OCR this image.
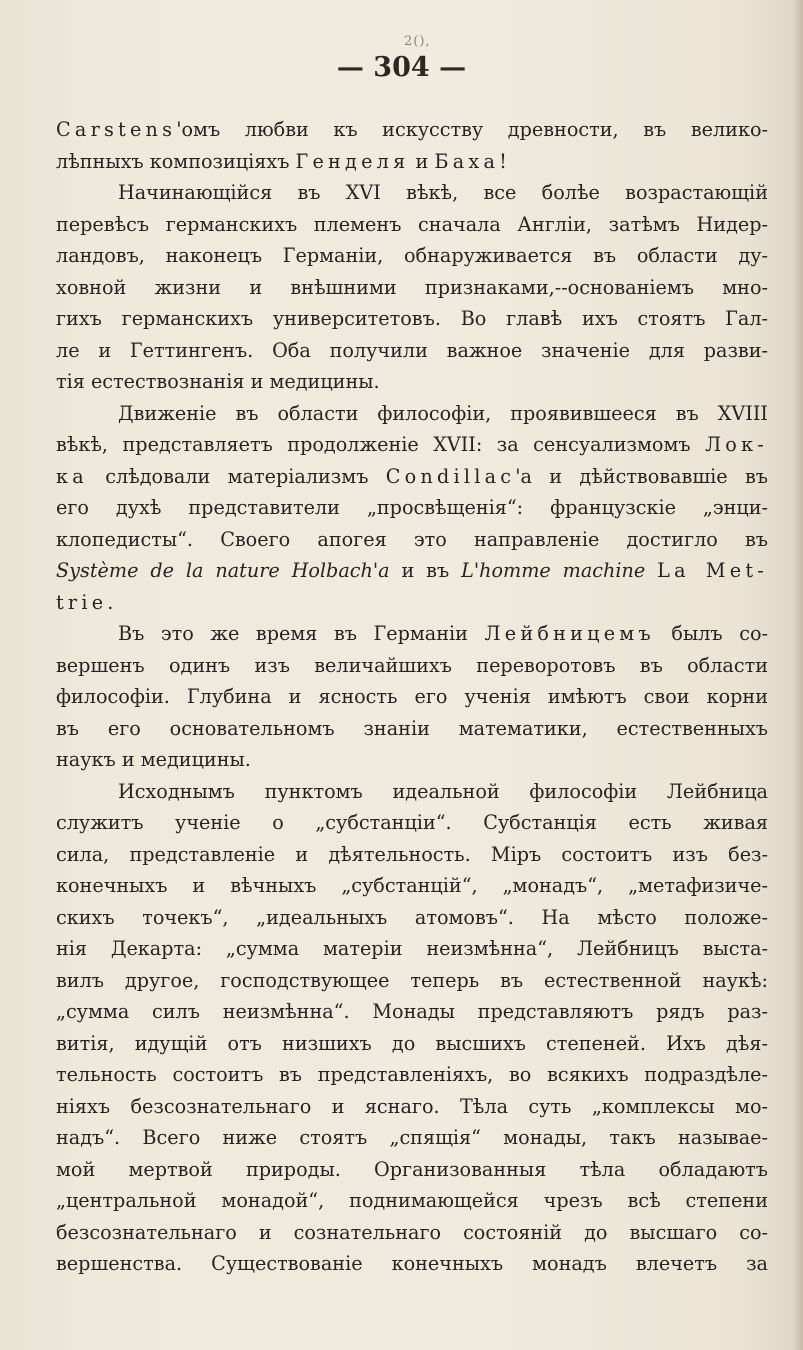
2(),
— 304 —
Carstens'омъ любви къ искусству древности, въ велико-
лѣпныхъ композиціяхъ Генделя и Баха!
Начинающійся въ XVI вѣкѣ, все болѣе возрастающій
перевѣсъ германскихъ племенъ сначала Англіи, затѣмъ Нидер-
ландовъ, наконецъ Германіи, обнаруживается въ области ду-
ховной жизни и внѣшними признаками,--основаніемъ мно-
гихъ германскихъ университетовъ. Во главѣ ихъ стоятъ Гал-
ле и Геттингенъ. Оба получили важное значеніе для разви-
тія естествознанія и медицины.
Движеніе въ области философіи, проявившееся въ XVIII
вѣкѣ, представляетъ продолженіе XVII: за сенсуализмомъ Лок-
ка слѣдовали матеріализмъ Condillac'а и дѣйствовавшіе въ
его духѣ представители „просвѣщенія“: французскіе „энци-
клопедисты“. Своего апогея это направленіе достигло въ
Système de la nature Holbach'а и въ L'homme machine La Met-
trie.
Въ это же время въ Германіи Лейбницемъ былъ со-
вершенъ одинъ изъ величайшихъ переворотовъ въ области
философіи. Глубина и ясность его ученія имѣютъ свои корни
въ его основательномъ знаніи математики, естественныхъ
наукъ и медицины.
Исходнымъ пунктомъ идеальной философіи Лейбница
служитъ ученіе о „субстанціи“. Субстанція есть живая
сила, представленіе и дѣятельность. Міръ состоитъ изъ без-
конечныхъ и вѣчныхъ „субстанцій“, „монадъ“, „метафизиче-
скихъ точекъ“, „идеальныхъ атомовъ“. На мѣсто положе-
нія Декарта: „сумма матеріи неизмѣнна“, Лейбницъ выста-
вилъ другое, господствующее теперь въ естественной наукѣ:
„сумма силъ неизмѣнна“. Монады представляютъ рядъ раз-
витія, идущій отъ низшихъ до высшихъ степеней. Ихъ дѣя-
тельность состоитъ въ представленіяхъ, во всякихъ подраздѣле-
ніяхъ безсознательнаго и яснаго. Тѣла суть „комплексы мо-
надъ“. Всего ниже стоятъ „спящія“ монады, такъ называе-
мой мертвой природы. Организованныя тѣла обладаютъ
„центральной монадой“, поднимающейся чрезъ всѣ степени
безсознательнаго и сознательнаго состояній до высшаго со-
вершенства. Существованіе конечныхъ монадъ влечетъ за
